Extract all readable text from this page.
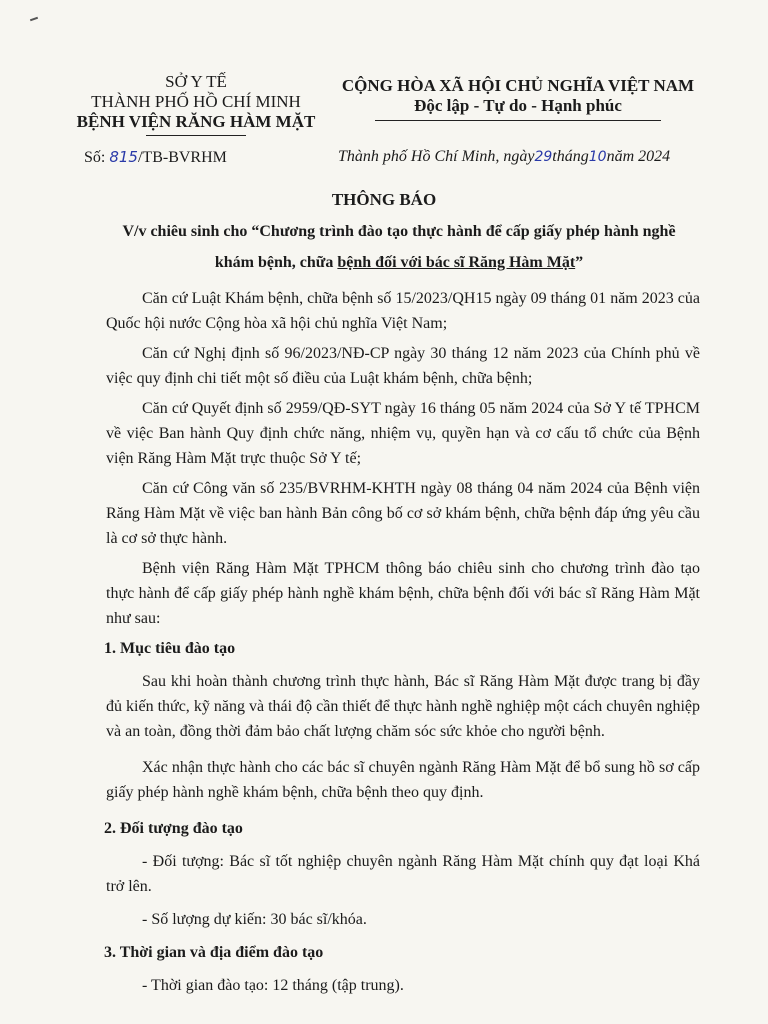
SỞ Y TẾ
THÀNH PHỐ HỒ CHÍ MINH
BỆNH VIỆN RĂNG HÀM MẶT
CỘNG HÒA XÃ HỘI CHỦ NGHĨA VIỆT NAM
Độc lập - Tự do - Hạnh phúc
Số: 815/TB-BVRHM	Thành phố Hồ Chí Minh, ngày29tháng10năm 2024
THÔNG BÁO
V/v chiêu sinh cho “Chương trình đào tạo thực hành để cấp giấy phép hành nghề
khám bệnh, chữa bệnh đối với bác sĩ Răng Hàm Mặt”

Căn cứ Luật Khám bệnh, chữa bệnh số 15/2023/QH15 ngày 09 tháng 01 năm 2023 của Quốc hội nước Cộng hòa xã hội chủ nghĩa Việt Nam;

Căn cứ Nghị định số 96/2023/NĐ-CP ngày 30 tháng 12 năm 2023 của Chính phủ về việc quy định chi tiết một số điều của Luật khám bệnh, chữa bệnh;

Căn cứ Quyết định số 2959/QĐ-SYT ngày 16 tháng 05 năm 2024 của Sở Y tế TPHCM về việc Ban hành Quy định chức năng, nhiệm vụ, quyền hạn và cơ cấu tổ chức của Bệnh viện Răng Hàm Mặt trực thuộc Sở Y tế;

Căn cứ Công văn số 235/BVRHM-KHTH ngày 08 tháng 04 năm 2024 của Bệnh viện Răng Hàm Mặt về việc ban hành Bản công bố cơ sở khám bệnh, chữa bệnh đáp ứng yêu cầu là cơ sở thực hành.

Bệnh viện Răng Hàm Mặt TPHCM thông báo chiêu sinh cho chương trình đào tạo thực hành để cấp giấy phép hành nghề khám bệnh, chữa bệnh đối với bác sĩ Răng Hàm Mặt như sau:

1. Mục tiêu đào tạo

Sau khi hoàn thành chương trình thực hành, Bác sĩ Răng Hàm Mặt được trang bị đầy đủ kiến thức, kỹ năng và thái độ cần thiết để thực hành nghề nghiệp một cách chuyên nghiệp và an toàn, đồng thời đảm bảo chất lượng chăm sóc sức khỏe cho người bệnh.

Xác nhận thực hành cho các bác sĩ chuyên ngành Răng Hàm Mặt để bổ sung hồ sơ cấp giấy phép hành nghề khám bệnh, chữa bệnh theo quy định.

2. Đối tượng đào tạo

- Đối tượng: Bác sĩ tốt nghiệp chuyên ngành Răng Hàm Mặt chính quy đạt loại Khá trở lên.

- Số lượng dự kiến: 30 bác sĩ/khóa.

3. Thời gian và địa điểm đào tạo

- Thời gian đào tạo: 12 tháng (tập trung).
